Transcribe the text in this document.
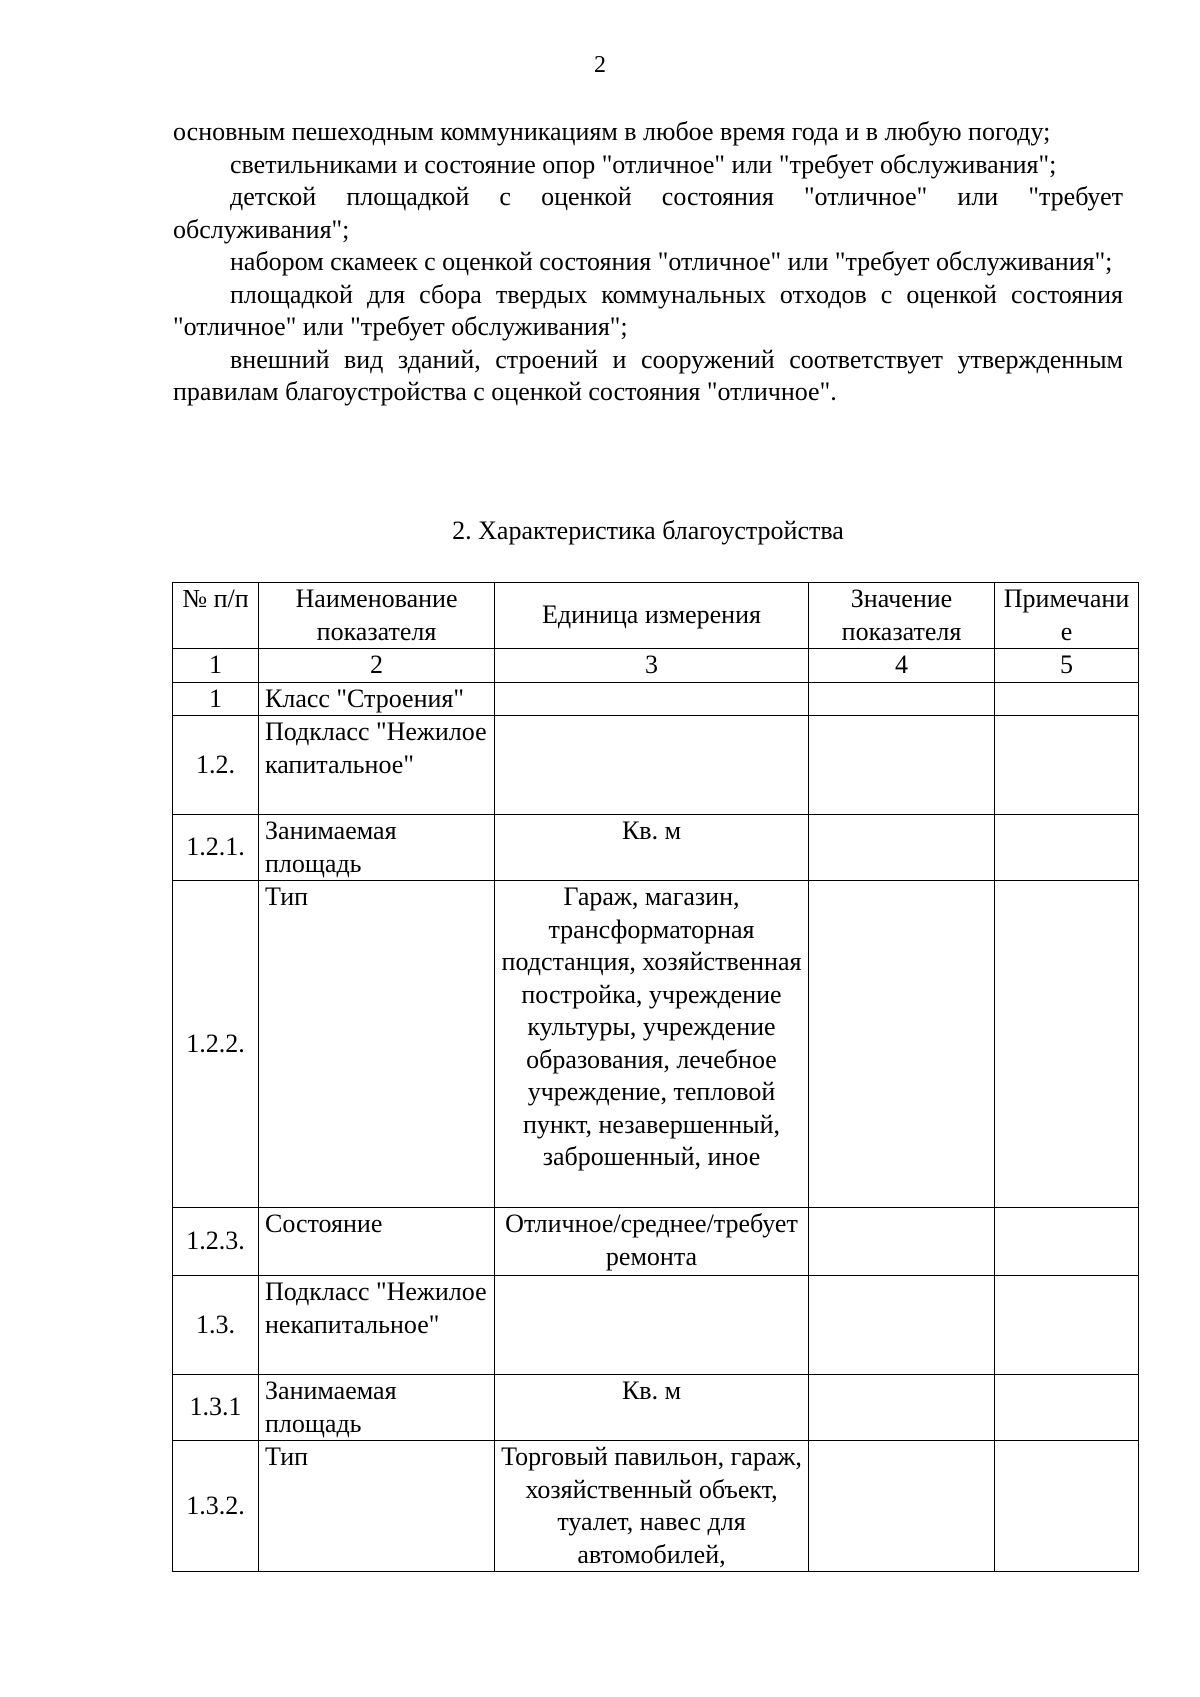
2

основным пешеходным коммуникациям в любое время года и в любую погоду;

светильниками и состояние опор "отличное" или "требует обслуживания";

детской площадкой с оценкой состояния "отличное" или "требует обслуживания";

набором скамеек с оценкой состояния "отличное" или "требует обслуживания";

площадкой для сбора твердых коммунальных отходов с оценкой состояния "отличное" или "требует обслуживания";

внешний вид зданий, строений и сооружений соответствует утвержденным правилам благоустройства с оценкой состояния "отличное".

2. Характеристика благоустройства
№ п/п	Наименование показателя	Единица измерения	Значение показателя	Примечание
1	2	3	4	5
1	Класс "Строения"			
1.2.	Подкласс "Нежилое капитальное"			
1.2.1.	Занимаемая площадь	Кв. м		
1.2.2.	Тип	Гараж, магазин, трансформаторная подстанция, хозяйственная постройка, учреждение культуры, учреждение образования, лечебное учреждение, тепловой пункт, незавершенный, заброшенный, иное		
1.2.3.	Состояние	Отличное/среднее/требует ремонта		
1.3.	Подкласс "Нежилое некапитальное"			
1.3.1	Занимаемая площадь	Кв. м		
1.3.2.	Тип	Торговый павильон, гараж, хозяйственный объект, туалет, навес для автомобилей,		
